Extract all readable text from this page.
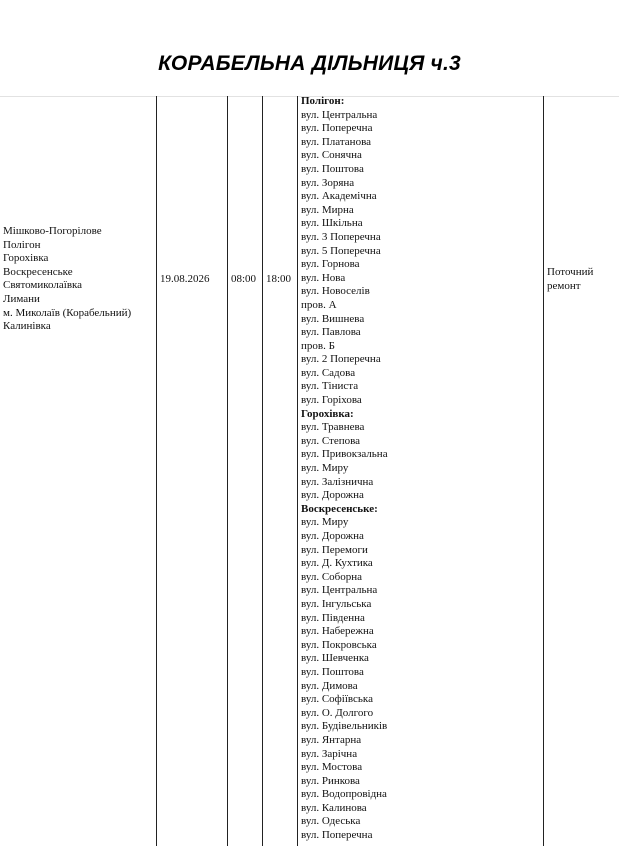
КОРАБЕЛЬНА ДІЛЬНИЦЯ ч.3
Мішково-Погорілове
Полігон
Горохівка
Воскресенське
Святомиколаївка
Лимани
м. Миколаїв (Корабельний)
Калинівка
19.08.2026 08:00 18:00
Поточний
ремонт
Полігон:
вул. Центральна
вул. Поперечна
вул. Платанова
вул. Сонячна
вул. Поштова
вул. Зоряна
вул. Академічна
вул. Мирна
вул. Шкільна
вул. 3 Поперечна
вул. 5 Поперечна
вул. Горнова
вул. Нова
вул. Новоселів
пров. А
вул. Вишнева
вул. Павлова
пров. Б
вул. 2 Поперечна
вул. Садова
вул. Тіниста
вул. Горіхова
Горохівка:
вул. Травнева
вул. Степова
вул. Привокзальна
вул. Миру
вул. Залізнична
вул. Дорожна
Воскресенське:
вул. Миру
вул. Дорожна
вул. Перемоги
вул. Д. Кухтика
вул. Соборна
вул. Центральна
вул. Інгульська
вул. Південна
вул. Набережна
вул. Покровська
вул. Шевченка
вул. Поштова
вул. Димова
вул. Софіївська
вул. О. Долгого
вул. Будівельників
вул. Янтарна
вул. Зарічна
вул. Мостова
вул. Ринкова
вул. Водопровідна
вул. Калинова
вул. Одеська
вул. Поперечна
